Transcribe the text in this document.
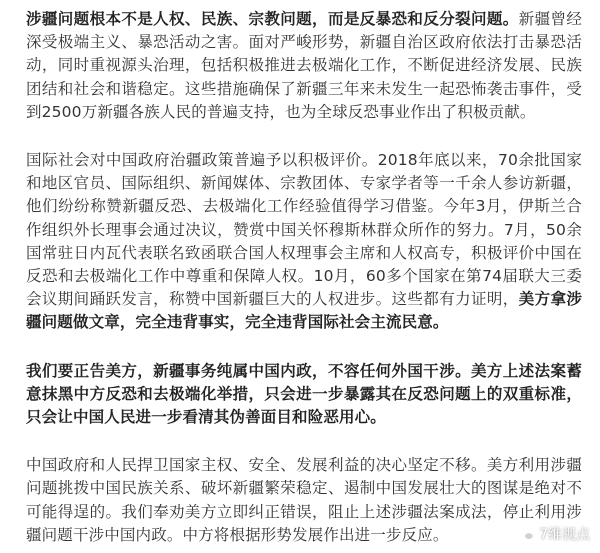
涉疆问题根本不是人权、民族、宗教问题，而是反暴恐和反分裂问题。新疆曾经深受极端主义、暴恐活动之害。面对严峻形势，新疆自治区政府依法打击暴恐活动，同时重视源头治理，包括积极推进去极端化工作，不断促进经济发展、民族团结和社会和谐稳定。这些措施确保了新疆三年来未发生一起恐怖袭击事件，受到2500万新疆各族人民的普遍支持，也为全球反恐事业作出了积极贡献。

国际社会对中国政府治疆政策普遍予以积极评价。2018年底以来，70余批国家和地区官员、国际组织、新闻媒体、宗教团体、专家学者等一千余人参访新疆，他们纷纷称赞新疆反恐、去极端化工作经验值得学习借鉴。今年3月，伊斯兰合作组织外长理事会通过决议，赞赏中国关怀穆斯林群众所作的努力。7月，50余国常驻日内瓦代表联名致函联合国人权理事会主席和人权高专，积极评价中国在反恐和去极端化工作中尊重和保障人权。10月，60多个国家在第74届联大三委会议期间踊跃发言，称赞中国新疆巨大的人权进步。这些都有力证明，美方拿涉疆问题做文章，完全违背事实，完全违背国际社会主流民意。

我们要正告美方，新疆事务纯属中国内政，不容任何外国干涉。美方上述法案蓄意抹黑中方反恐和去极端化举措，只会进一步暴露其在反恐问题上的双重标准，只会让中国人民进一步看清其伪善面目和险恶用心。

中国政府和人民捍卫国家主权、安全、发展利益的决心坚定不移。美方利用涉疆问题挑拨中国民族关系、破坏新疆繁荣稳定、遏制中国发展壮大的图谋是绝对不可能得逞的。我们奉劝美方立即纠正错误，阻止上述涉疆法案成法，停止利用涉疆问题干涉中国内政。中方将根据形势发展作出进一步反应。	7维视点
